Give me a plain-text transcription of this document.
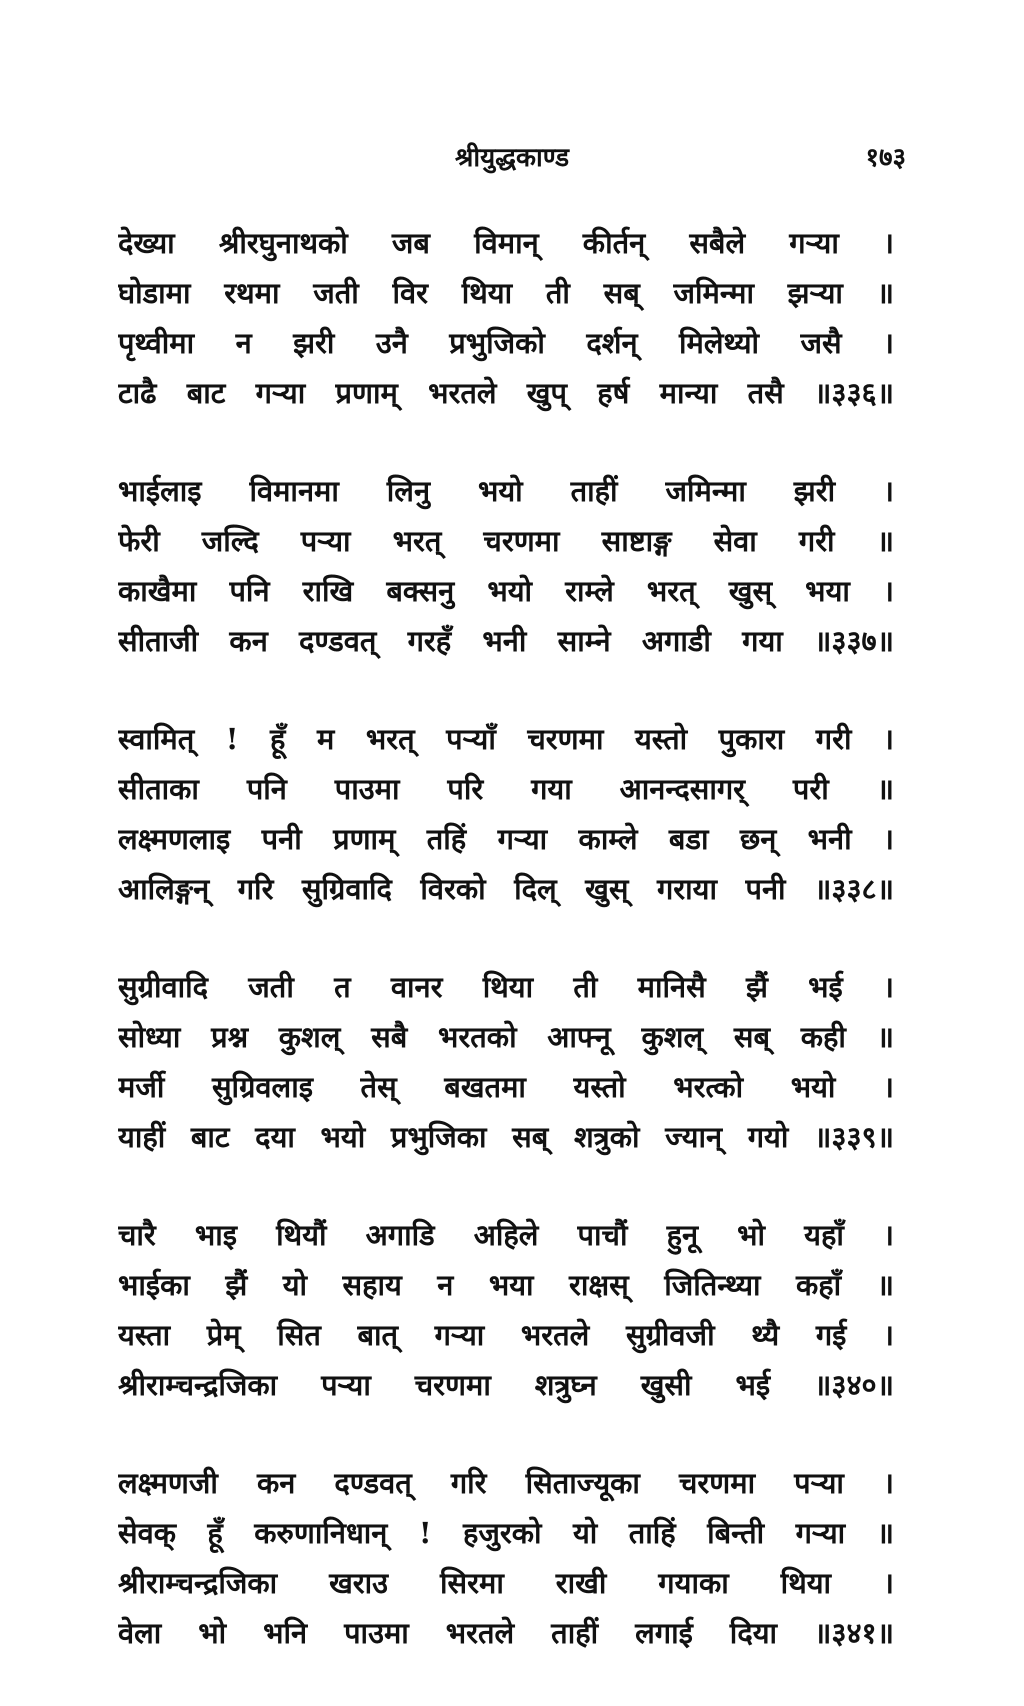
श्रीयुद्धकाण्ड	१७३
देख्या श्रीरघुनाथको जब विमान् कीर्तन् सबैले गऱ्या ।
घोडामा रथमा जती विर थिया ती सब् जमिन्मा झऱ्या ॥
पृथ्वीमा न झरी उनै प्रभुजिको दर्शन् मिलेथ्यो जसै ।
टाढै बाट गऱ्या प्रणाम् भरतले खुप् हर्ष मान्या तसै ॥३३६॥
भाईलाइ विमानमा लिनु भयो ताहीं जमिन्मा झरी ।
फेरी जल्दि पऱ्या भरत् चरणमा साष्टाङ्ग सेवा गरी ॥
काखैमा पनि राखि बक्सनु भयो राम्ले भरत् खुस् भया ।
सीताजी कन दण्डवत् गरहँ भनी साम्ने अगाडी गया ॥३३७॥
स्वामित् ! हूँ म भरत् पऱ्याँ चरणमा यस्तो पुकारा गरी ।
सीताका पनि पाउमा परि गया आनन्दसागर् परी ॥
लक्ष्मणलाइ पनी प्रणाम् तहिं गऱ्या काम्ले बडा छन् भनी ।
आलिङ्गन् गरि सुग्रिवादि विरको दिल् खुस् गराया पनी ॥३३८॥
सुग्रीवादि जती त वानर थिया ती मानिसै झैं भई ।
सोध्या प्रश्न कुशल् सबै भरतको आफ्नू कुशल् सब् कही ॥
मर्जी सुग्रिवलाइ तेस् बखतमा यस्तो भरत्को भयो ।
याहीं बाट दया भयो प्रभुजिका सब् शत्रुको ज्यान् गयो ॥३३९॥
चारै भाइ थियौं अगाडि अहिले पाचौं हुनू भो यहाँ ।
भाईका झैं यो सहाय न भया राक्षस् जितिन्थ्या कहाँ ॥
यस्ता प्रेम् सित बात् गऱ्या भरतले सुग्रीवजी थ्यै गई ।
श्रीराम्चन्द्रजिका पऱ्या चरणमा शत्रुघ्न खुसी भई ॥३४०॥
लक्ष्मणजी कन दण्डवत् गरि सिताज्यूका चरणमा पऱ्या ।
सेवक् हूँ करुणानिधान् ! हजुरको यो ताहिं बिन्ती गऱ्या ॥
श्रीराम्चन्द्रजिका खराउ सिरमा राखी गयाका थिया ।
वेला भो भनि पाउमा भरतले ताहीं लगाई दिया ॥३४१॥
